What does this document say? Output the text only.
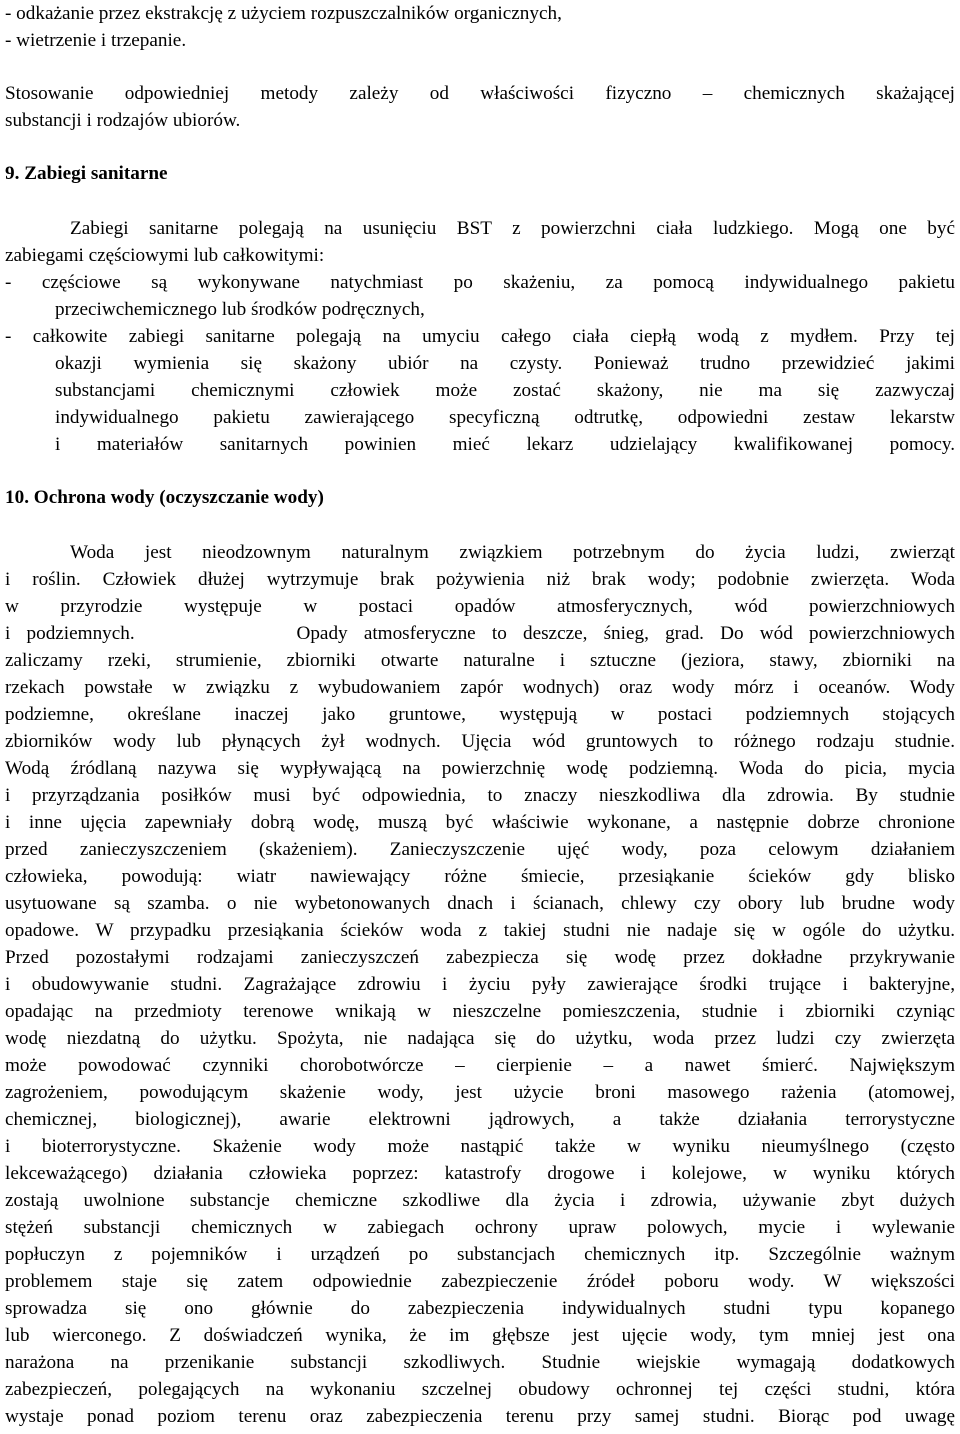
- odkażanie przez ekstrakcję z użyciem rozpuszczalników organicznych,
- wietrzenie i trzepanie.
Stosowanie odpowiedniej metody zależy od właściwości fizyczno – chemicznych skażającej
substancji i rodzajów ubiorów.
9. Zabiegi sanitarne
Zabiegi sanitarne polegają na usunięciu BST z powierzchni ciała ludzkiego. Mogą one być
zabiegami częściowymi lub całkowitymi:
- częściowe są wykonywane natychmiast po skażeniu, za pomocą indywidualnego pakietu
przeciwchemicznego lub środków podręcznych,
- całkowite zabiegi sanitarne polegają na umyciu całego ciała ciepłą wodą z mydłem. Przy tej
okazji wymienia się skażony ubiór na czysty. Ponieważ trudno przewidzieć jakimi
substancjami chemicznymi człowiek może zostać skażony, nie ma się zazwyczaj
indywidualnego pakietu zawierającego specyficzną odtrutkę, odpowiedni zestaw lekarstw
i materiałów sanitarnych powinien mieć lekarz udzielający kwalifikowanej pomocy.
10. Ochrona wody (oczyszczanie wody)
Woda jest nieodzownym naturalnym związkiem potrzebnym do życia ludzi, zwierząt
i roślin. Człowiek dłużej wytrzymuje brak pożywienia niż brak wody; podobnie zwierzęta. Woda
w przyrodzie występuje w postaci opadów atmosferycznych, wód powierzchniowych
i podziemnych.          Opady atmosferyczne to deszcze, śnieg, grad. Do wód powierzchniowych
zaliczamy rzeki, strumienie, zbiorniki otwarte naturalne i sztuczne (jeziora, stawy, zbiorniki na
rzekach powstałe w związku z wybudowaniem zapór wodnych) oraz wody mórz i oceanów. Wody
podziemne, określane inaczej jako gruntowe, występują w postaci podziemnych stojących
zbiorników wody lub płynących żył wodnych. Ujęcia wód gruntowych to różnego rodzaju studnie.
Wodą źródlaną nazywa się wypływającą na powierzchnię wodę podziemną. Woda do picia, mycia
i przyrządzania posiłków musi być odpowiednia, to znaczy nieszkodliwa dla zdrowia. By studnie
i inne ujęcia zapewniały dobrą wodę, muszą być właściwie wykonane, a następnie dobrze chronione
przed zanieczyszczeniem (skażeniem). Zanieczyszczenie ujęć wody, poza celowym działaniem
człowieka, powodują: wiatr nawiewający różne śmiecie, przesiąkanie ścieków gdy blisko
usytuowane są szamba. o nie wybetonowanych dnach i ścianach, chlewy czy obory lub brudne wody
opadowe. W przypadku przesiąkania ścieków woda z takiej studni nie nadaje się w ogóle do użytku.
Przed pozostałymi rodzajami zanieczyszczeń zabezpiecza się wodę przez dokładne przykrywanie
i obudowywanie studni. Zagrażające zdrowiu i życiu pyły zawierające środki trujące i bakteryjne,
opadając na przedmioty terenowe wnikają w nieszczelne pomieszczenia, studnie i zbiorniki czyniąc
wodę niezdatną do użytku. Spożyta, nie nadająca się do użytku, woda przez ludzi czy zwierzęta
może powodować czynniki chorobotwórcze – cierpienie – a nawet śmierć. Największym
zagrożeniem, powodującym skażenie wody, jest użycie broni masowego rażenia (atomowej,
chemicznej, biologicznej), awarie elektrowni jądrowych, a także działania terrorystyczne
i bioterrorystyczne. Skażenie wody może nastąpić także w wyniku nieumyślnego (często
lekceważącego) działania człowieka poprzez: katastrofy drogowe i kolejowe, w wyniku których
zostają uwolnione substancje chemiczne szkodliwe dla życia i zdrowia, używanie zbyt dużych
stężeń substancji chemicznych w zabiegach ochrony upraw polowych, mycie i wylewanie
popłuczyn z pojemników i urządzeń po substancjach chemicznych itp. Szczególnie ważnym
problemem staje się zatem odpowiednie zabezpieczenie źródeł poboru wody. W większości
sprowadza się ono głównie do zabezpieczenia indywidualnych studni typu kopanego
lub wierconego. Z doświadczeń wynika, że im głębsze jest ujęcie wody, tym mniej jest ona
narażona na przenikanie substancji szkodliwych. Studnie wiejskie wymagają dodatkowych
zabezpieczeń, polegających na wykonaniu szczelnej obudowy ochronnej tej części studni, która
wystaje ponad poziom terenu oraz zabezpieczenia terenu przy samej studni. Biorąc pod uwagę
